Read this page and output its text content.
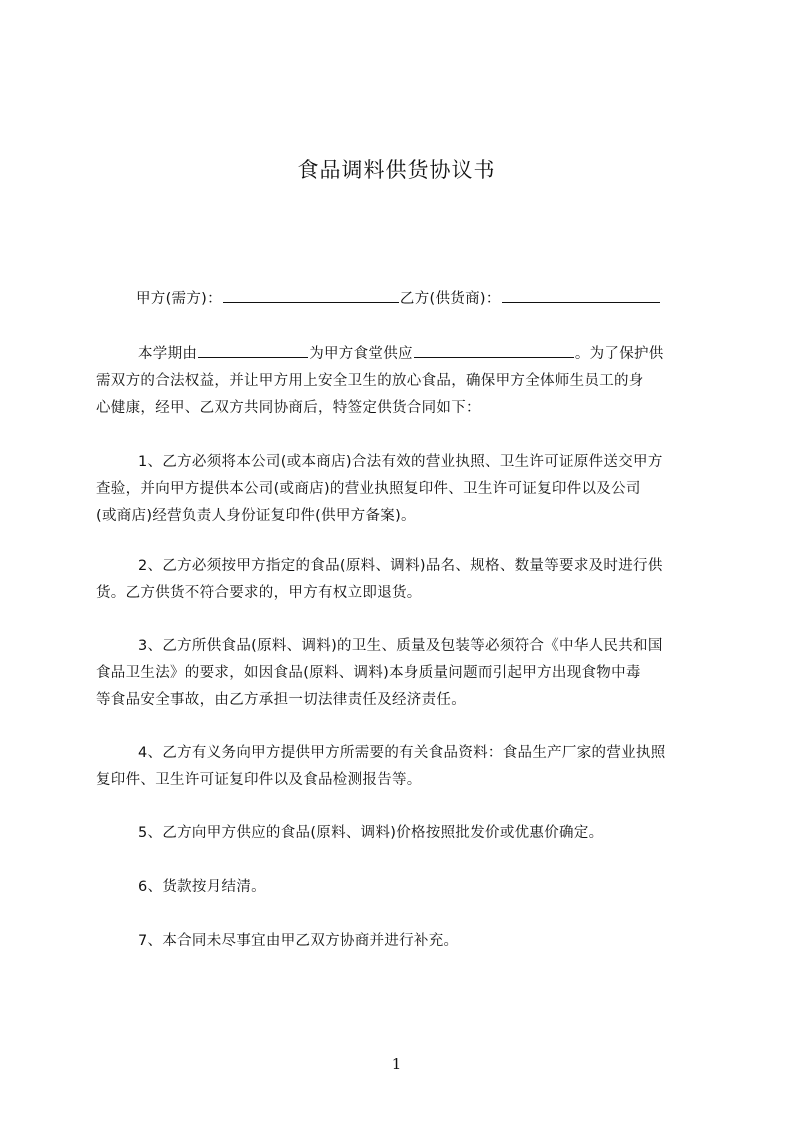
食品调料供货协议书
甲方(需方)：	乙方(供货商)：
本学期由	为甲方食堂供应	。为了保护供
需双方的合法权益，并让甲方用上安全卫生的放心食品，确保甲方全体师生员工的身
心健康，经甲、乙双方共同协商后，特签定供货合同如下：
1、乙方必须将本公司(或本商店)合法有效的营业执照、卫生许可证原件送交甲方
查验，并向甲方提供本公司(或商店)的营业执照复印件、卫生许可证复印件以及公司
(或商店)经营负责人身份证复印件(供甲方备案)。
2、乙方必须按甲方指定的食品(原料、调料)品名、规格、数量等要求及时进行供
货。乙方供货不符合要求的，甲方有权立即退货。
3、乙方所供食品(原料、调料)的卫生、质量及包装等必须符合《中华人民共和国
食品卫生法》的要求，如因食品(原料、调料)本身质量问题而引起甲方出现食物中毒
等食品安全事故，由乙方承担一切法律责任及经济责任。
4、乙方有义务向甲方提供甲方所需要的有关食品资料：食品生产厂家的营业执照
复印件、卫生许可证复印件以及食品检测报告等。
5、乙方向甲方供应的食品(原料、调料)价格按照批发价或优惠价确定。
6、货款按月结清。
7、本合同未尽事宜由甲乙双方协商并进行补充。
1
